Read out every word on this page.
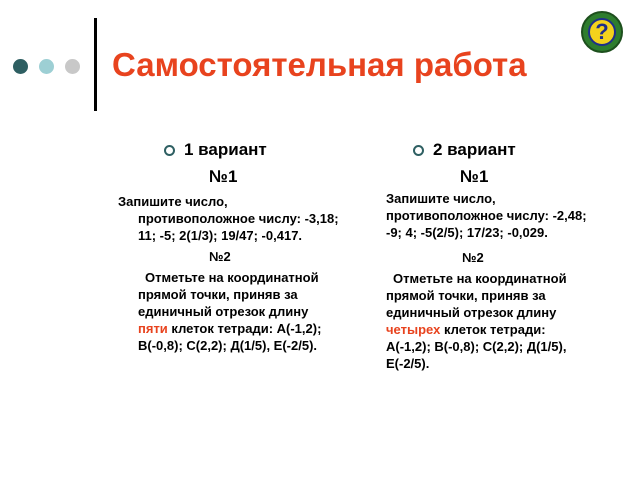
Самостоятельная работа
?
1 вариант
№1
Запишите число,
противоположное числу: -3,18; 11; -5; 2(1/3); 19/47; -0,417.
№2
Отметьте на координатной прямой точки, приняв за единичный отрезок длину пяти клеток тетради: А(-1,2); В(-0,8); С(2,2); Д(1/5), Е(-2/5).
2 вариант
№1
Запишите число,
противоположное числу: -2,48; -9; 4; -5(2/5); 17/23; -0,029.
№2
Отметьте на координатной прямой точки, приняв за единичный отрезок длину четырех клеток тетради: А(-1,2); В(-0,8); С(2,2); Д(1/5), Е(-2/5).
